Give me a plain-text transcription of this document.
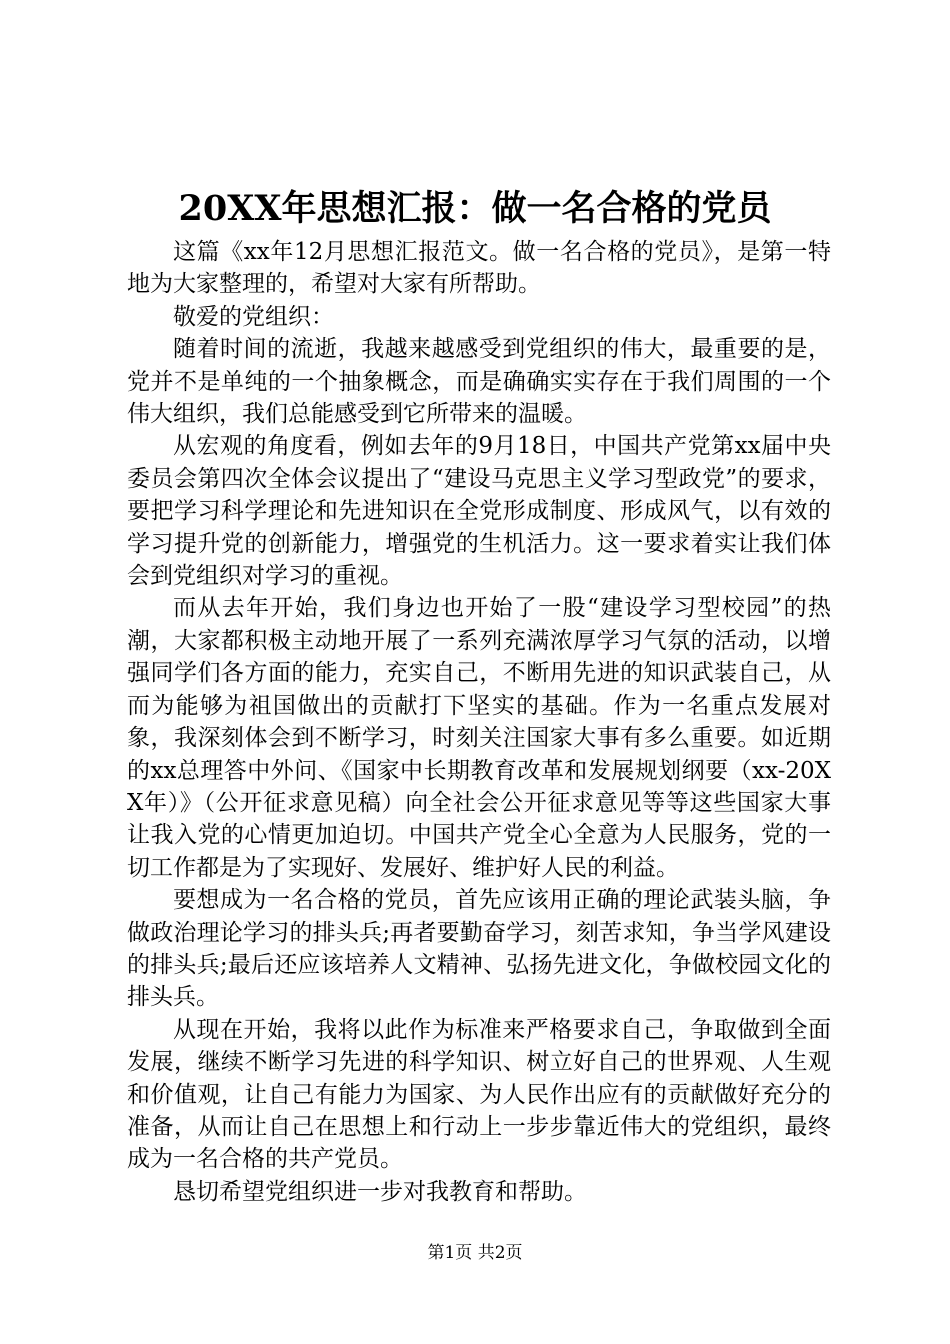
20XX年思想汇报：做一名合格的党员

这篇《xx年12月思想汇报范文。做一名合格的党员》，是第一特地为大家整理的，希望对大家有所帮助。

敬爱的党组织：

随着时间的流逝，我越来越感受到党组织的伟大，最重要的是，党并不是单纯的一个抽象概念，而是确确实实存在于我们周围的一个伟大组织，我们总能感受到它所带来的温暖。

从宏观的角度看，例如去年的9月18日，中国共产党第xx届中央委员会第四次全体会议提出了“建设马克思主义学习型政党”的要求，要把学习科学理论和先进知识在全党形成制度、形成风气，以有效的学习提升党的创新能力，增强党的生机活力。这一要求着实让我们体会到党组织对学习的重视。

而从去年开始，我们身边也开始了一股“建设学习型校园”的热潮，大家都积极主动地开展了一系列充满浓厚学习气氛的活动，以增强同学们各方面的能力，充实自己，不断用先进的知识武装自己，从而为能够为祖国做出的贡献打下坚实的基础。作为一名重点发展对象，我深刻体会到不断学习，时刻关注国家大事有多么重要。如近期的xx总理答中外问、《国家中长期教育改革和发展规划纲要（xx-20XX年）》（公开征求意见稿）向全社会公开征求意见等等这些国家大事让我入党的心情更加迫切。中国共产党全心全意为人民服务，党的一切工作都是为了实现好、发展好、维护好人民的利益。

要想成为一名合格的党员，首先应该用正确的理论武装头脑，争做政治理论学习的排头兵;再者要勤奋学习，刻苦求知，争当学风建设的排头兵;最后还应该培养人文精神、弘扬先进文化，争做校园文化的排头兵。

从现在开始，我将以此作为标准来严格要求自己，争取做到全面发展，继续不断学习先进的科学知识、树立好自己的世界观、人生观和价值观，让自己有能力为国家、为人民作出应有的贡献做好充分的准备，从而让自己在思想上和行动上一步步靠近伟大的党组织，最终成为一名合格的共产党员。

恳切希望党组织进一步对我教育和帮助。

第1页 共2页
